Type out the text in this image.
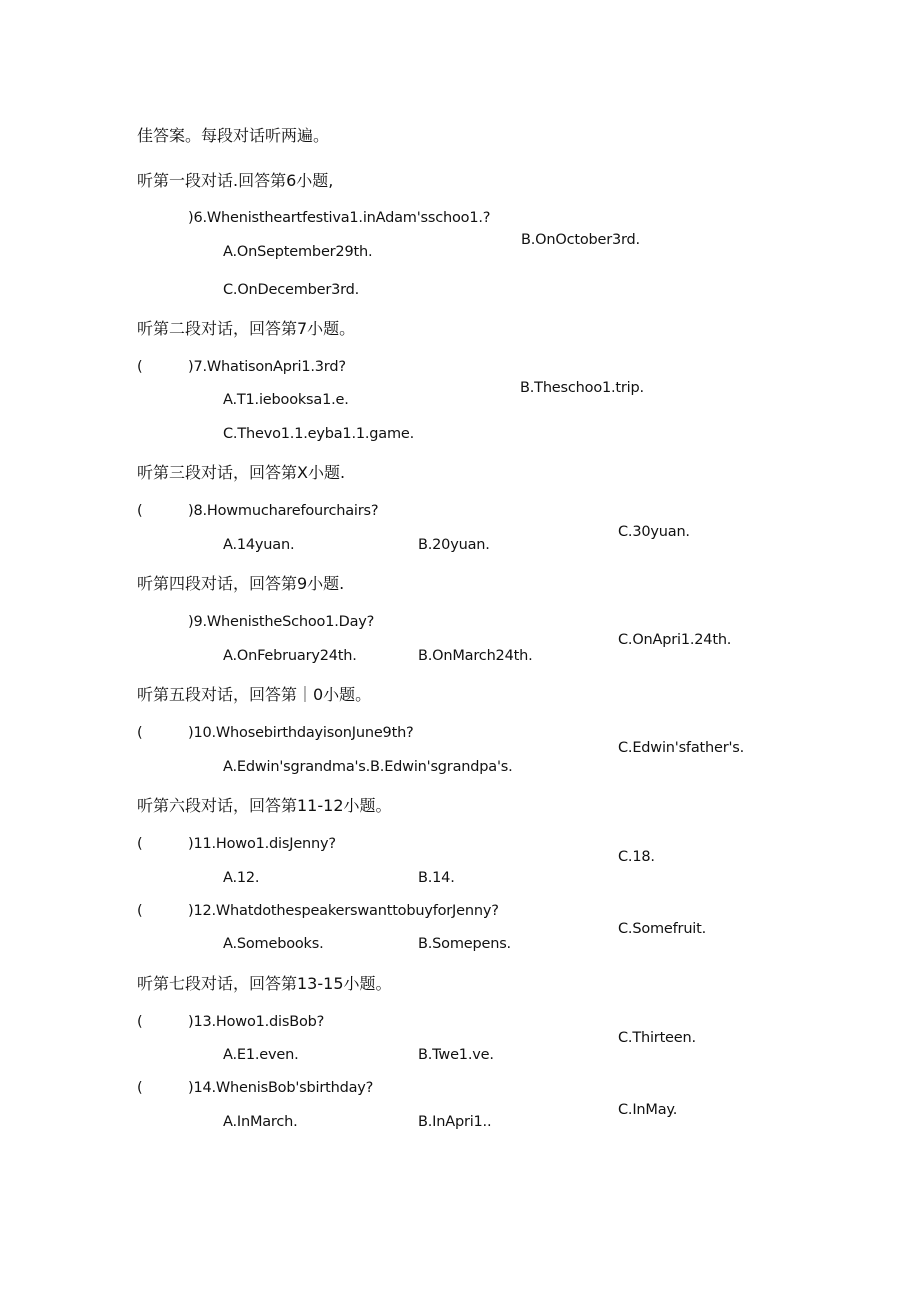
佳答案。每段对话听两遍。
听第一段对话.回答第6小题,
)6.Whenistheartfestiva1.inAdam'sschoo1.?
B.OnOctober3rd.
A.OnSeptember29th.
C.OnDecember3rd.
听第二段对话，回答第7小题。
(	)7.WhatisonApri1.3rd?
B.Theschoo1.trip.
A.T1.iebooksa1.e.
C.Thevo1.1.eyba1.1.game.
听第三段对话，回答第X小题.
(	)8.Howmucharefourchairs?
C.30yuan.
A.14yuan.	B.20yuan.
听第四段对话，回答第9小题.
)9.WhenistheSchoo1.Day?
C.OnApri1.24th.
A.OnFebruary24th.	B.OnMarch24th.
听第五段对话，回答第｜0小题。
(	)10.WhosebirthdayisonJune9th?
C.Edwin'sfather's.
A.Edwin'sgrandma's.B.Edwin'sgrandpa's.
听第六段对话，回答第11-12小题。
(	)11.Howo1.disJenny?
C.18.
A.12.	B.14.
(	)12.WhatdothespeakerswanttobuyforJenny?
C.Somefruit.
A.Somebooks.	B.Somepens.
听第七段对话，回答第13-15小题。
(	)13.Howo1.disBob?
C.Thirteen.
A.E1.even.	B.Twe1.ve.
(	)14.WhenisBob'sbirthday?
C.InMay.
A.InMarch.	B.InApri1..
